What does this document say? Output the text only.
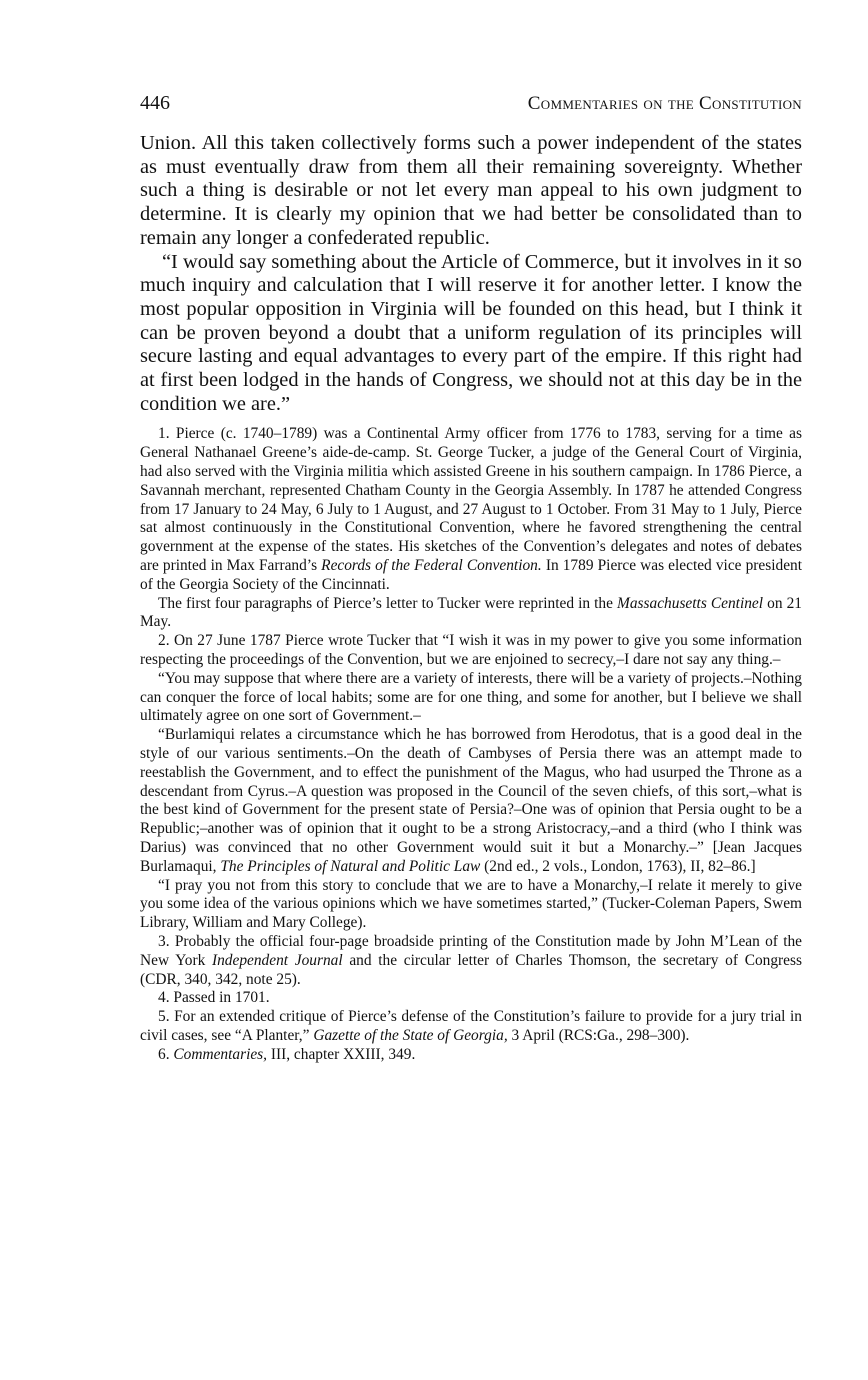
446	Commentaries on the Constitution

Union. All this taken collectively forms such a power independent of the states as must eventually draw from them all their remaining sovereignty. Whether such a thing is desirable or not let every man appeal to his own judgment to determine. It is clearly my opinion that we had better be consolidated than to remain any longer a confederated republic.

“I would say something about the Article of Commerce, but it involves in it so much inquiry and calculation that I will reserve it for another letter. I know the most popular opposition in Virginia will be founded on this head, but I think it can be proven beyond a doubt that a uniform regulation of its principles will secure lasting and equal advantages to every part of the empire. If this right had at first been lodged in the hands of Congress, we should not at this day be in the condition we are.”

1. Pierce (c. 1740–1789) was a Continental Army officer from 1776 to 1783, serving for a time as General Nathanael Greene’s aide-de-camp. St. George Tucker, a judge of the General Court of Virginia, had also served with the Virginia militia which assisted Greene in his southern campaign. In 1786 Pierce, a Savannah merchant, represented Chatham County in the Georgia Assembly. In 1787 he attended Congress from 17 January to 24 May, 6 July to 1 August, and 27 August to 1 October. From 31 May to 1 July, Pierce sat almost continuously in the Constitutional Convention, where he favored strengthening the central government at the expense of the states. His sketches of the Convention’s delegates and notes of debates are printed in Max Farrand’s Records of the Federal Convention. In 1789 Pierce was elected vice president of the Georgia Society of the Cincinnati.

The first four paragraphs of Pierce’s letter to Tucker were reprinted in the Massachusetts Centinel on 21 May.

2. On 27 June 1787 Pierce wrote Tucker that “I wish it was in my power to give you some information respecting the proceedings of the Convention, but we are enjoined to secrecy,–I dare not say any thing.–

“You may suppose that where there are a variety of interests, there will be a variety of projects.–Nothing can conquer the force of local habits; some are for one thing, and some for another, but I believe we shall ultimately agree on one sort of Government.–

“Burlamiqui relates a circumstance which he has borrowed from Herodotus, that is a good deal in the style of our various sentiments.–On the death of Cambyses of Persia there was an attempt made to reestablish the Government, and to effect the punishment of the Magus, who had usurped the Throne as a descendant from Cyrus.–A question was proposed in the Council of the seven chiefs, of this sort,–what is the best kind of Government for the present state of Persia?–One was of opinion that Persia ought to be a Republic;–another was of opinion that it ought to be a strong Aristocracy,–and a third (who I think was Darius) was convinced that no other Government would suit it but a Monarchy.–” [Jean Jacques Burlamaqui, The Principles of Natural and Politic Law (2nd ed., 2 vols., London, 1763), II, 82–86.]

“I pray you not from this story to conclude that we are to have a Monarchy,–I relate it merely to give you some idea of the various opinions which we have sometimes started,” (Tucker-Coleman Papers, Swem Library, William and Mary College).

3. Probably the official four-page broadside printing of the Constitution made by John M’Lean of the New York Independent Journal and the circular letter of Charles Thomson, the secretary of Congress (CDR, 340, 342, note 25).

4. Passed in 1701.

5. For an extended critique of Pierce’s defense of the Constitution’s failure to provide for a jury trial in civil cases, see “A Planter,” Gazette of the State of Georgia, 3 April (RCS:Ga., 298–300).

6. Commentaries, III, chapter XXIII, 349.
